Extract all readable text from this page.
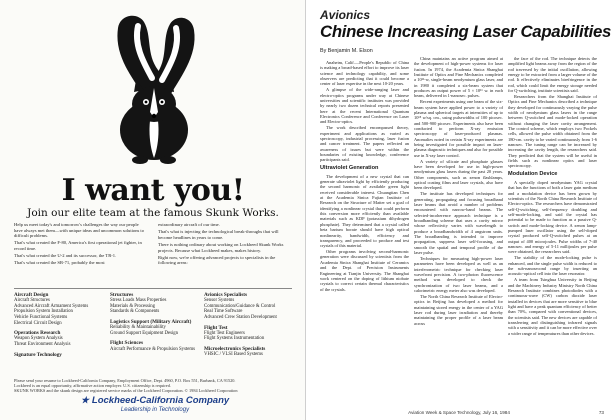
I want you!
Join our elite team at the famous Skunk Works.

Help us meet today's and tomorrow's challenges the way our people have always met them—with unique ideas and uncommon solutions to difficult problems.

That's what created the F-80, America's first operational jet fighter, in record time.

That's what created the U-2 and its successor, the TR-1.

That's what created the SR-71, probably the most

extraordinary aircraft of our time.

That's what is injecting the technological break-throughs that will become headlines in years to come.

There is nothing ordinary about working on Lockheed Skunk Works projects. Because what Lockheed makes, makes history.

Right now, we're offering advanced projects to specialists in the following areas:

Aircraft Design
Aircraft Structures
Advanced Aircraft Armament Systems
Propulsion System Installation
Vehicle Functional Systems
Electrical Circuit Design
Operations Research
Weapon System Analysis
Threat Environment Analysis
Signature Technology
Structures
Stress Loads Mass Properties
Materials & Processing
Standards & Components
Logistics Support (Military Aircraft)
Reliability & Maintainability
Ground Support Equipment Design
Flight Sciences
Aircraft Performance & Propulsion Systems
Avionics Specialists
Sensor Systems
Communication/Guidance & Control
Real Time Software
Advanced Crew Station Development
Flight Test
Flight Test Engineers
Flight Systems Instrumentation
Microelectronics Specialists
VHSIC / VLSI Based Systems
Please send your resume to Lockheed-California Company, Employment Office, Dept. 4960, P.O. Box 551, Burbank, CA 91520.
Lockheed is an equal opportunity, affirmative action employer. U.S. citizenship is required.
SKUNK WORKS and the skunk design are registered service marks of the Lockheed Corporation. © 1984 Lockheed Corporation
★ Lockheed-California Company
Leadership in Technology
Avionics
Chinese Increasing Laser Capabilities
By Benjamin M. Elson

Anaheim, Calif.—People's Republic of China is making a broad-based effort to improve its laser science and technology capability, and some observers are predicting that it could become a center of laser expertise in the next 10-20 years.

A glimpse of the wide-ranging laser and electro-optics programs under way at Chinese universities and scientific institutes was provided by nearly two dozen technical reports presented here at the recent International Quantum Electronics Conference and Conference on Laser and Electro-optics.

The work described encompassed theory, experiment and applications as varied as spectroscopy, industrial processing, laser fusion and cancer treatment. The papers reflected an awareness of issues but were within the boundaries of existing knowledge, conference participants said.

Ultraviolet Generation

The development of a new crystal that can generate ultraviolet light by efficiently producing the second harmonic of available green light received considerable interest. Chuangtian Chen at the Academia Sinica Fujian Institute of Research on the Structure of Matter set a goal of identifying a nonlinear crystal that could perform this conversion more efficiently than available materials such as KDP (potassium dihydrogen phosphate). They determined that a crystal called beta barium borate should have high optical nonlinearity, bandwidth, efficiency and transparency, and proceeded to produce and test crystals of this material.

Other programs involving second-harmonic generation were discussed by scientists from the Academia Sinica Shanghai Institute of Ceramics and the Dept. of Precision Instruments Engineering at Tianjin University. The Shanghai work centered on the doping of lithium niobate crystals to correct certain thermal characteristics of the crystals.

China maintains an active program aimed at the development of high-power systems for laser fusion. In 1974, the Academia Sinica Shanghai Institute of Optics and Fine Mechanics completed a 10¹¹-w, single-beam neodymium glass laser, and in 1980 it completed a six-beam system that produces an output power of 5 × 10¹¹ w. in each beam, delivered in 1-nanosec. pulses.

Recent experiments using one beam of the six-beam system have applied power to a variety of plasma and spherical targets at intensities of up to 10¹⁵ w/sq. cm., using pulsewidths of 100 picosec. and 500-900 picosec. Experiments also have been conducted to perform X-ray emission spectroscopy of laser-produced plasmas. Anomalies noted in certain X-ray experiments are being investigated for possible impact on laser-plasma diagnostic techniques and also for possible use in X-ray laser control.

A variety of silicate and phosphate glasses have been developed for use in high-power neodymium glass lasers during the past 20 years. Other components, such as xenon flashlamps, optical coating films and laser crystals, also have been developed.

The institute has developed techniques for generating, propagating and focusing broadband laser beams that avoid a number of problems encountered with narrow-band beams. The selected-incoherence approach technique is a broadbanding scheme that uses a cavity mirror whose reflectivity varies with wavelength to produce a broadbandwidth of 4 angstrom units. The broadbanding is intended to improve propagation, suppress laser self-focusing, and smooth the spatial and temporal profile of the laser pulse.

Techniques for measuring high-power laser parameters have been developed as well as an interferometric technique for checking laser wavefront precision. A two-photon fluorescence method was developed to check the synchronization of two laser beams, and a calorimetric energy meter also was developed.

The North China Research Institute of Electro-optics in Beijing has developed a method for maintaining stored energy in the center of a YAG laser rod during laser irradiation and thereby maintaining the proper profile of a laser beam across

the face of the rod. The technique detects the amplified light beams away from the region of the rod traversed by the initial oscillation, allowing energy to be extracted from a larger volume of the rod. It effectively eliminates birefringence in the rod, which could limit the energy storage needed for Q-switching, institute scientists said.

Researchers from the Shanghai Institute of Optics and Fine Mechanics described a technique they developed for continuously varying the pulse width of neodymium glass lasers in the range between Q-switched and mode-locked operation without changing the laser cavity arrangement. The control scheme, which employs two Pockels cells, allowed the pulse width obtained from the 180-cm. cavity to be varied continuously from 1-6 nanosec. The tuning range can be increased by increasing the cavity length, the researchers said. They predicted that the system will be useful in fields such as nonlinear optics and laser spectroscopy.

Modulation Device

A specially doped neodymium YAG crystal that has the functions of both a laser gain medium and a modulation device has been grown by scientists of the North China Research Institute of Electro-optics. The researchers have demonstrated self-Q-switching, self-frequency doubling and self-mode-locking, and said the crystal has potential to be made to function as a passive Q-switch and mode-locking device. A xenon lamp-pumped laser oscillator using the self-doped crystal produced self-Q-switched pulses at an output of 400 microjoules. Pulse widths of 7-40 nanosec. and energy of 5-11 millijoules per pulse were obtained, the researchers said.

The stability of the mode-locking pulse is enhanced, and the single pulse width is reduced to the sub-nanosecond range by inserting an acoustic-optical cell into the laser resonator.

A team from Tsinghua University in Beijing and the Machinery Industry Ministry North China Research Institute combines photodiodes with a continuous-wave (CW) carbon dioxide laser installed in devices that are more sensitive to blue light and have a peak quantum efficiency of better than 70%, compared with conventional devices, the scientists said. The new devices are capable of transferring and distinguishing infrared signals with a sensitivity and it can be more effective over a wider range of temperatures than other devices.

Aviation Week & Space Technology, July 16, 1984	73
